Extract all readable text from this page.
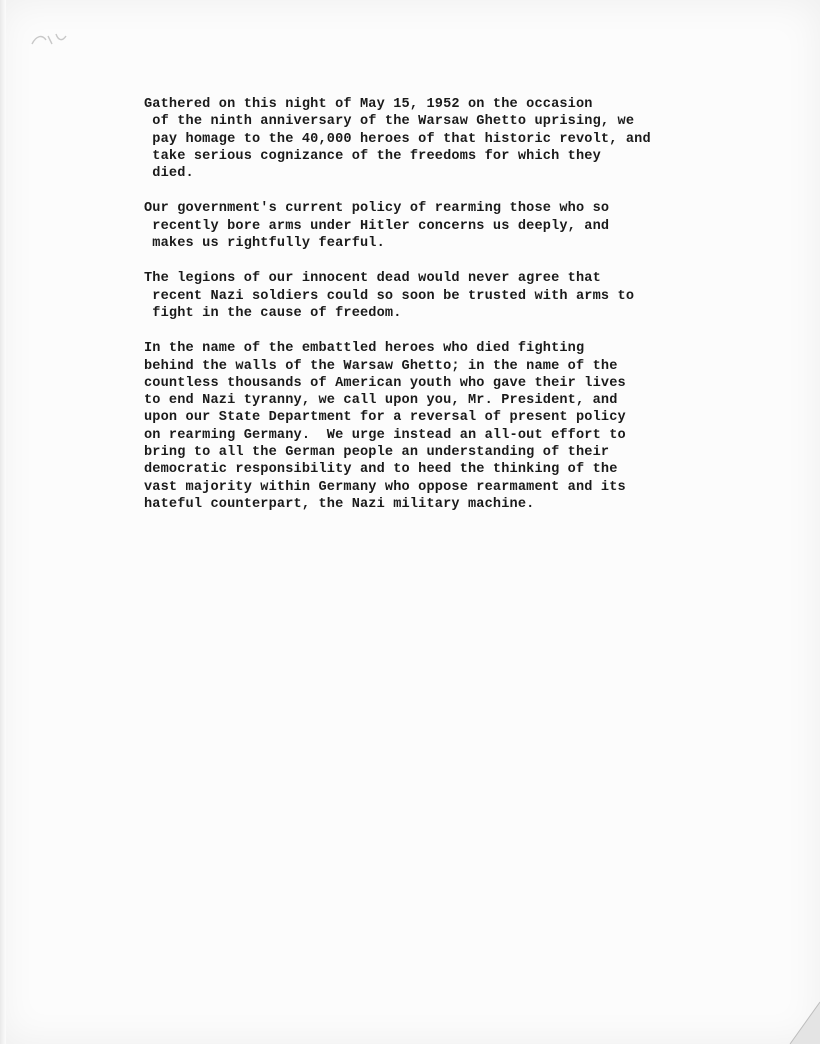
Gathered on this night of May 15, 1952 on the occasion
of the ninth anniversary of the Warsaw Ghetto uprising, we
pay homage to the 40,000 heroes of that historic revolt, and
take serious cognizance of the freedoms for which they
died.
Our government's current policy of rearming those who so
recently bore arms under Hitler concerns us deeply, and
makes us rightfully fearful.
The legions of our innocent dead would never agree that
recent Nazi soldiers could so soon be trusted with arms to
fight in the cause of freedom.
In the name of the embattled heroes who died fighting
behind the walls of the Warsaw Ghetto; in the name of the
countless thousands of American youth who gave their lives
to end Nazi tyranny, we call upon you, Mr. President, and
upon our State Department for a reversal of present policy
on rearming Germany.  We urge instead an all-out effort to
bring to all the German people an understanding of their
democratic responsibility and to heed the thinking of the
vast majority within Germany who oppose rearmament and its
hateful counterpart, the Nazi military machine.
